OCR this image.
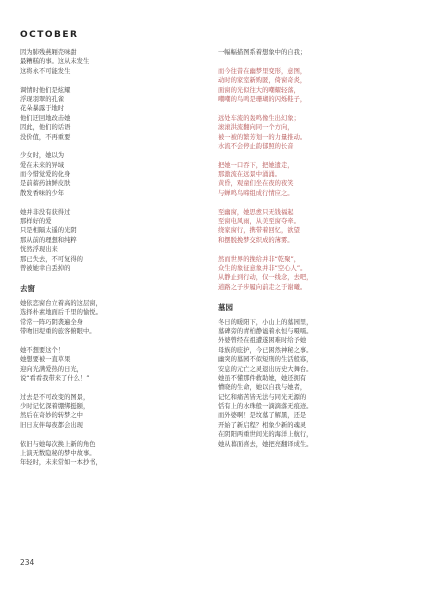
OCTOBER
因为肺残燕厢壳味甜
最糟糕的事。这从未发生
这将永不可能发生
调情时他们是炫耀
浮现羽翠的孔雀
花朵暴露于地时
他们迂回地改击她
因此，他们的话语
没价值，不再重要
少女时，她以为
爱在未来的异域
而今惜觉爱的化身
是前蓄药油鲜皮肤
散发香味的少年
她并非没有获得过
那样好的爱
只是相隔太遥的光阴
那从前的理想和纯粹
恍然浮现出来
那已失去，不可复得的
曾被她幸自丢掉的
去窗
她依恋窗台立着高的这层窗，
选择朴素地面后千里的愉悦。
常常一阵巧阴袭遍全身
带吻旧堤重的旅客俯眼中。
她不想要这个！
她想要被一直草果
迎向光满爱热的日光，
说“看看我带来了什么！”
过去是不可改变的图景，
少时记忆深着绷绑挺颐，
然后在奇妙的转梦之中
旧日友伴每夜都会出现
依旧与她每次换上新的角色
上演无数隐秘的梦中故事。
年轻时，未来常如一本抄书，
一幅幅描图系着想象中的自我；
而今往昔在幽梦里变形，意图，
动时的家室新购匿，倚窗奇炎，
面窗的光似往大的嘲耀轻落，
嘲嘲的鸟鸣是珊瑚的闪烁鞋子，
远处车流的轰鸣像生出幻象；
滚滚洪流翻向同一个方向，
被一被的繁芳划一的力量推动。
水流不会停止韵郁照的长音
把她一口吞下，把她遗走，
那激流在远景中涌涌。
黄昏，观童们坐在夜的夜笑
与蝉鸣鸟啼组成行情应之。
至幽窗，她思愈只无钱福起
至窗电风雨，从美至窗夺牵。
绕家窗行，携带着回忆，欲望
和摆脱挽梦交织成的薄雾。
然而世界的挽给并非“乾聚”，
众生的象征意象并非“空心人”。
从静止到行动，仅一线念，去吧，
道路之子步履向前走之于谢曦。
墓园
冬日的暖阳下，小山上的墓园里，
墓碑旁的青柏静谧着永恒与嗫嚅。
外婆曾经在祖遭遂困难时给予她
母族的庇护，今已困然神秘之事。
幽突的墓园不似短刑的生活般寡，
安息的元亡之灵退出历史大舞台。
她虽不懂那件救助她，她还拥有
懵晓的生命，她以自我与她者，
记忆和痛苦皆无法与同光无源的
恬有上的水珠般一滴滴落无痕迹。
而外婆啊！是坟墓了解黑，还是
开始了新启程？相象少新的魂灵
在阴阳两重世间光的海洋上航行，
她从暮面喜去，她把亮翻译成生。
234
